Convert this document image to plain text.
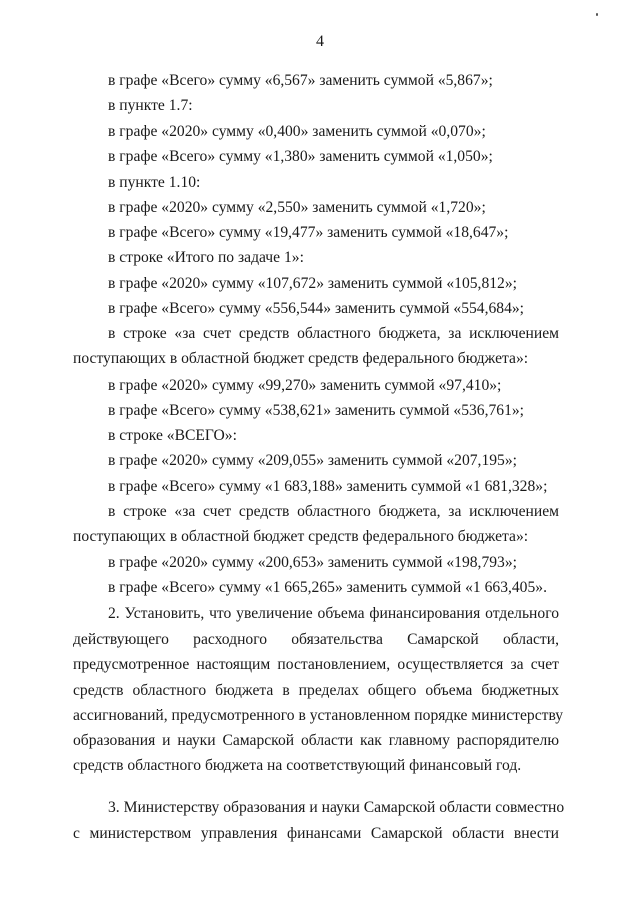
4
в графе «Всего» сумму «6,567» заменить суммой «5,867»;
в пункте 1.7:
в графе «2020» сумму «0,400» заменить суммой «0,070»;
в графе «Всего» сумму «1,380» заменить суммой «1,050»;
в пункте 1.10:
в графе «2020» сумму «2,550» заменить суммой «1,720»;
в графе «Всего» сумму «19,477» заменить суммой «18,647»;
в строке «Итого по задаче 1»:
в графе «2020» сумму «107,672» заменить суммой «105,812»;
в графе «Всего» сумму «556,544» заменить суммой «554,684»;
в строке «за счет средств областного бюджета, за исключением
поступающих в областной бюджет средств федерального бюджета»:
в графе «2020» сумму «99,270» заменить суммой «97,410»;
в графе «Всего» сумму «538,621» заменить суммой «536,761»;
в строке «ВСЕГО»:
в графе «2020» сумму «209,055» заменить суммой «207,195»;
в графе «Всего» сумму «1 683,188» заменить суммой «1 681,328»;
в строке «за счет средств областного бюджета, за исключением
поступающих в областной бюджет средств федерального бюджета»:
в графе «2020» сумму «200,653» заменить суммой «198,793»;
в графе «Всего» сумму «1 665,265» заменить суммой «1 663,405».
2. Установить, что увеличение объема финансирования отдельного
действующего расходного обязательства Самарской области,
предусмотренное настоящим постановлением, осуществляется за счет
средств областного бюджета в пределах общего объема бюджетных
ассигнований, предусмотренного в установленном порядке министерству
образования и науки Самарской области как главному распорядителю
средств областного бюджета на соответствующий финансовый год.
3. Министерству образования и науки Самарской области совместно
с министерством управления финансами Самарской области внести
